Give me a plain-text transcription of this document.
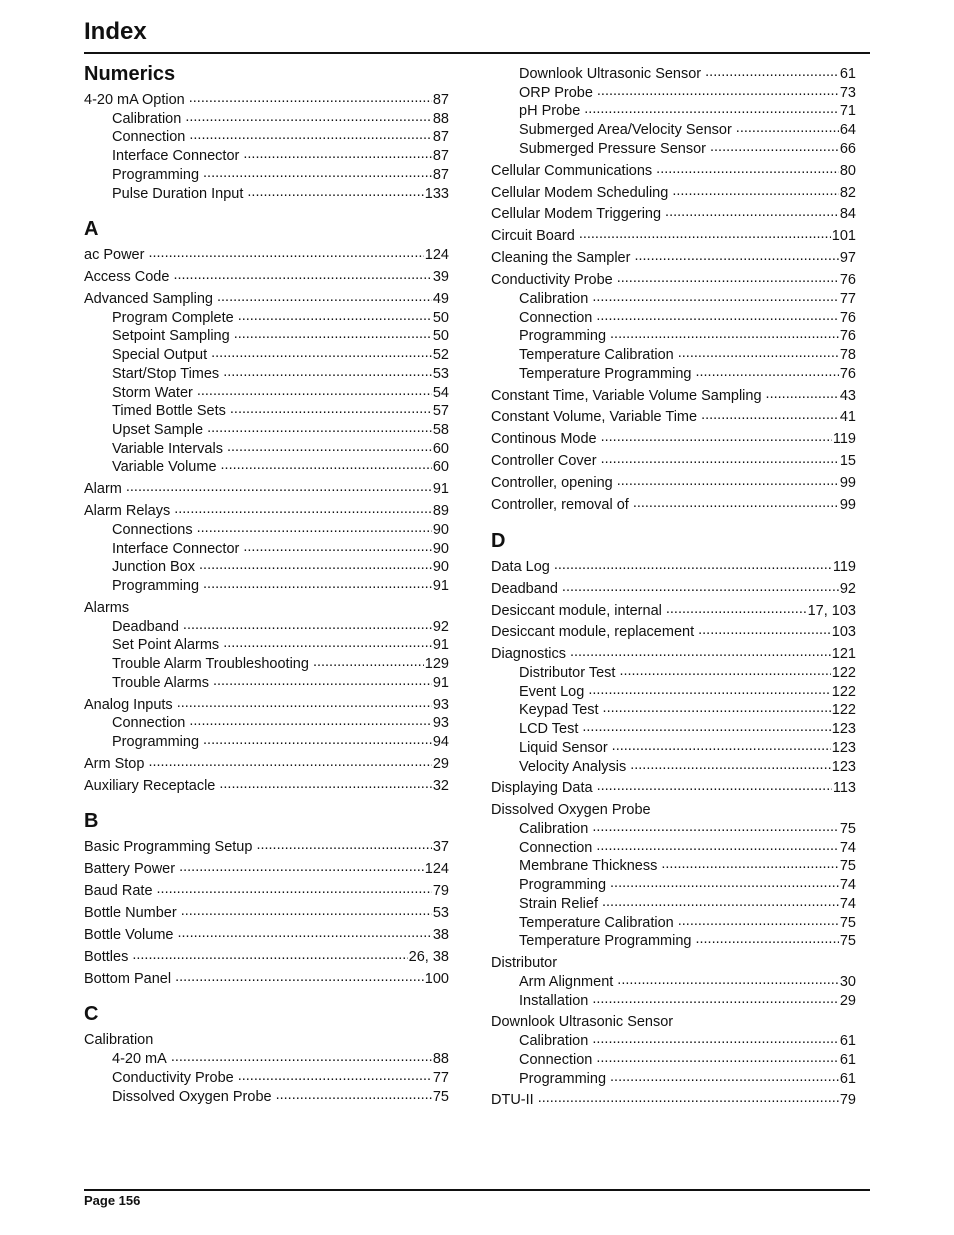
Index
Numerics
4-20 mA Option .....	87
Calibration .....	88
Connection .....	87
Interface Connector .....	87
Programming .....	87
Pulse Duration Input .....	133
A
ac Power .....	124
Access Code .....	39
Advanced Sampling .....	49
Program Complete .....	50
Setpoint Sampling .....	50
Special Output .....	52
Start/Stop Times .....	53
Storm Water .....	54
Timed Bottle Sets .....	57
Upset Sample .....	58
Variable Intervals .....	60
Variable Volume .....	60
Alarm .....	91
Alarm Relays .....	89
Connections .....	90
Interface Connector .....	90
Junction Box .....	90
Programming .....	91
Alarms
Deadband .....	92
Set Point Alarms .....	91
Trouble Alarm Troubleshooting .....	129
Trouble Alarms .....	91
Analog Inputs .....	93
Connection .....	93
Programming .....	94
Arm Stop .....	29
Auxiliary Receptacle .....	32
B
Basic Programming Setup .....	37
Battery Power .....	124
Baud Rate .....	79
Bottle Number .....	53
Bottle Volume .....	38
Bottles .....	26, 38
Bottom Panel .....	100
C
Calibration
4-20 mA .....	88
Conductivity Probe .....	77
Dissolved Oxygen Probe .....	75
Downlook Ultrasonic Sensor .....	61
ORP Probe .....	73
pH Probe .....	71
Submerged Area/Velocity Sensor .....	64
Submerged Pressure Sensor .....	66
Cellular Communications .....	80
Cellular Modem Scheduling .....	82
Cellular Modem Triggering .....	84
Circuit Board .....	101
Cleaning the Sampler .....	97
Conductivity Probe .....	76
Calibration .....	77
Connection .....	76
Programming .....	76
Temperature Calibration .....	78
Temperature Programming .....	76
Constant Time, Variable Volume Sampling .....	43
Constant Volume, Variable Time .....	41
Continous Mode .....	119
Controller Cover .....	15
Controller, opening .....	99
Controller, removal of .....	99
D
Data Log .....	119
Deadband .....	92
Desiccant module, internal .....	17, 103
Desiccant module, replacement .....	103
Diagnostics .....	121
Distributor Test .....	122
Event Log .....	122
Keypad Test .....	122
LCD Test .....	123
Liquid Sensor .....	123
Velocity Analysis .....	123
Displaying Data .....	113
Dissolved Oxygen Probe
Calibration .....	75
Connection .....	74
Membrane Thickness .....	75
Programming .....	74
Strain Relief .....	74
Temperature Calibration .....	75
Temperature Programming .....	75
Distributor
Arm Alignment .....	30
Installation .....	29
Downlook Ultrasonic Sensor
Calibration .....	61
Connection .....	61
Programming .....	61
DTU-II .....	79
Page 156
